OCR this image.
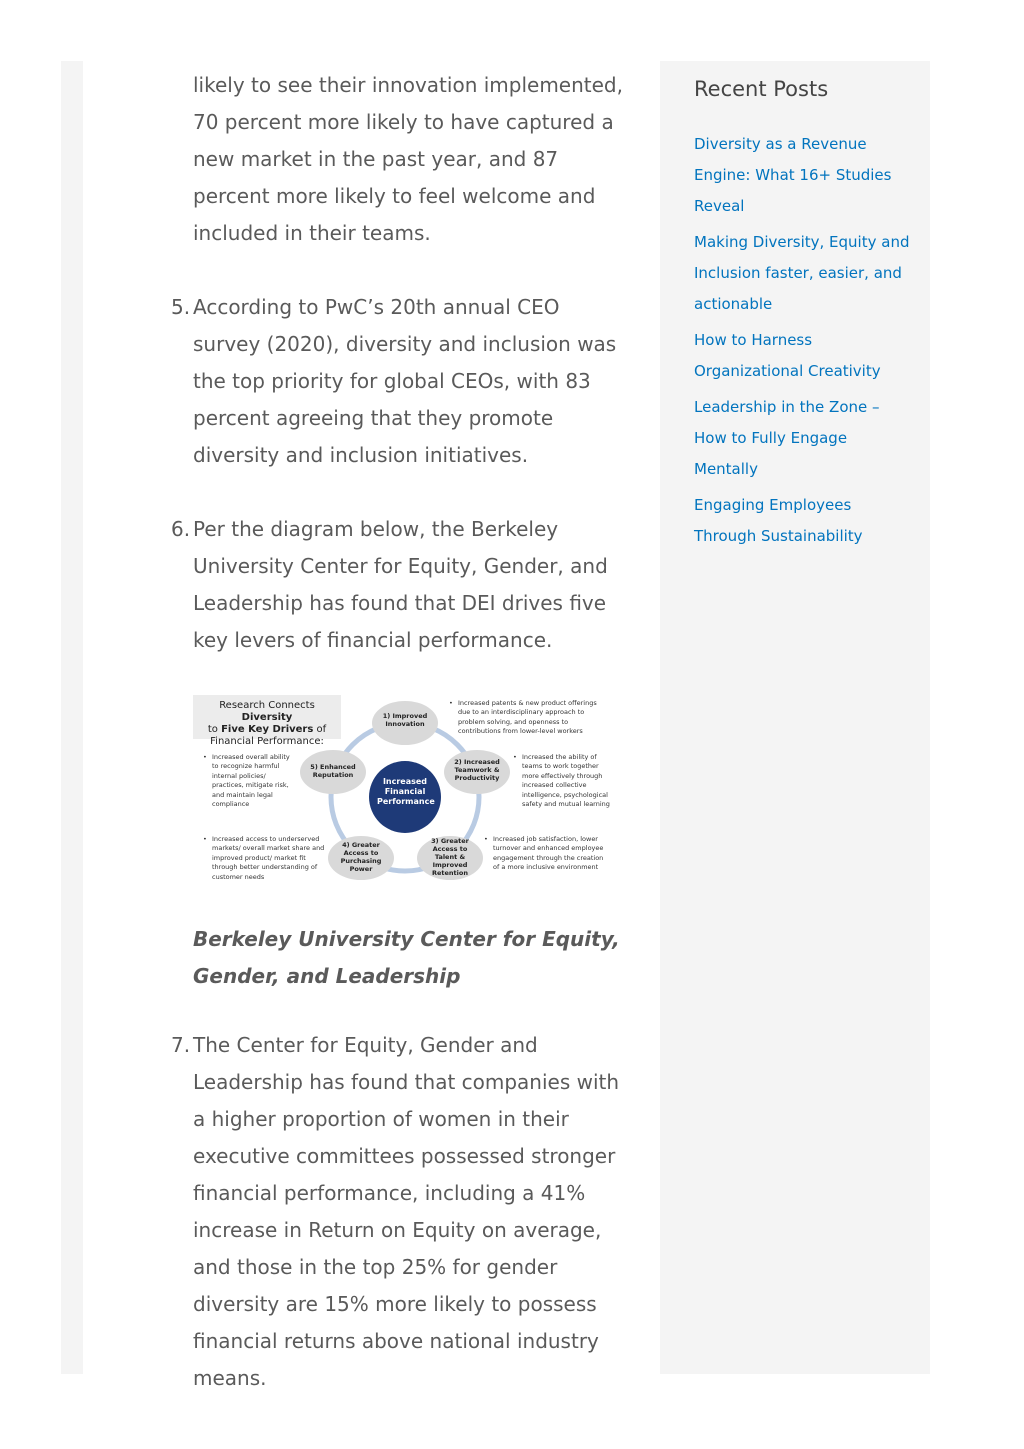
likely to see their innovation implemented, 70 percent more likely to have captured a new market in the past year, and 87 percent more likely to feel welcome and included in their teams.

5. According to PwC’s 20th annual CEO survey (2020), diversity and inclusion was the top priority for global CEOs, with 83 percent agreeing that they promote diversity and inclusion initiatives.
6. Per the diagram below, the Berkeley University Center for Equity, Gender, and Leadership has found that DEI drives five key levers of financial performance.
Research Connects Diversity
to Five Key Drivers of Financial Performance:
Increased Financial Performance
1) Improved Innovation
2) Increased Teamwork & Productivity
3) Greater Access to Talent & Improved Retention
4) Greater Access to Purchasing Power
5) Enhanced Reputation
• Increased patents & new product offerings due to an interdisciplinary approach to problem solving, and openness to contributions from lower-level workers
• Increased the ability of teams to work together more effectively through increased collective intelligence, psychological safety and mutual learning
• Increased job satisfaction, lower turnover and enhanced employee engagement through the creation of a more inclusive environment
• Increased access to underserved markets/ overall market share and improved product/ market fit through better understanding of customer needs
• Increased overall ability to recognize harmful internal policies/ practices, mitigate risk, and maintain legal compliance

Berkeley University Center for Equity, Gender, and Leadership

7. The Center for Equity, Gender and Leadership has found that companies with a higher proportion of women in their executive committees possessed stronger financial performance, including a 41% increase in Return on Equity on average, and those in the top 25% for gender diversity are 15% more likely to possess financial returns above national industry means.
Recent Posts
Diversity as a Revenue Engine: What 16+ Studies Reveal
Making Diversity, Equity and Inclusion faster, easier, and actionable
How to Harness Organizational Creativity
Leadership in the Zone – How to Fully Engage Mentally
Engaging Employees Through Sustainability
